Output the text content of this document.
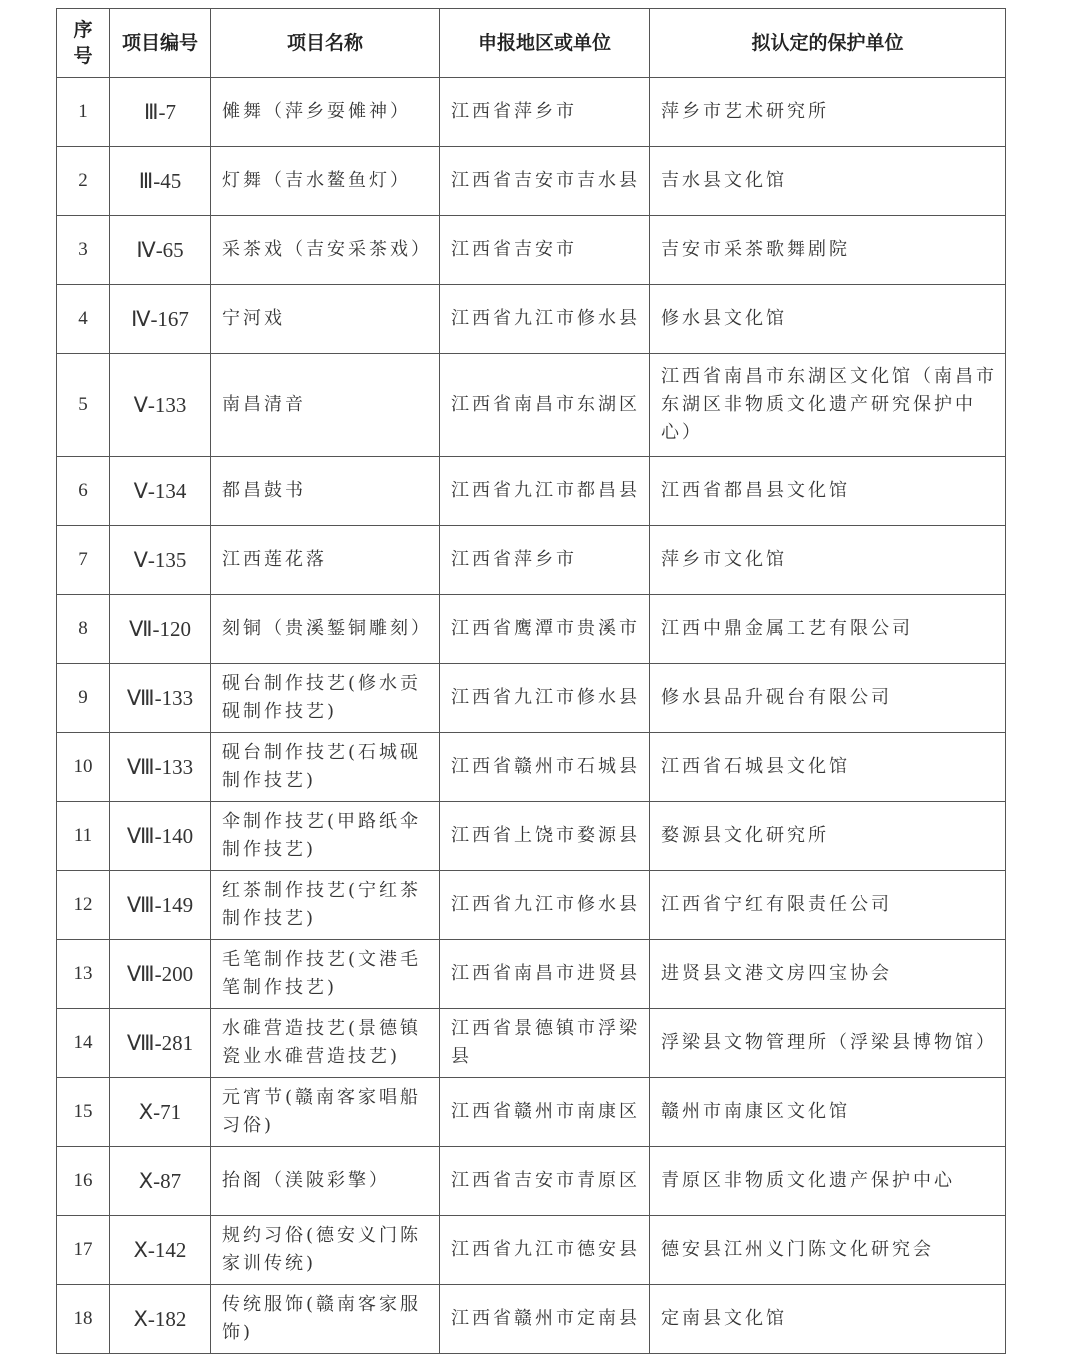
序号	项目编号	项目名称	申报地区或单位	拟认定的保护单位
1	Ⅲ-7	傩舞（萍乡耍傩神）	江西省萍乡市	萍乡市艺术研究所
2	Ⅲ-45	灯舞（吉水鳌鱼灯）	江西省吉安市吉水县	吉水县文化馆
3	Ⅳ-65	采茶戏（吉安采茶戏）	江西省吉安市	吉安市采茶歌舞剧院
4	Ⅳ-167	宁河戏	江西省九江市修水县	修水县文化馆
5	Ⅴ-133	南昌清音	江西省南昌市东湖区	江西省南昌市东湖区文化馆（南昌市东湖区非物质文化遗产研究保护中心）
6	Ⅴ-134	都昌鼓书	江西省九江市都昌县	江西省都昌县文化馆
7	Ⅴ-135	江西莲花落	江西省萍乡市	萍乡市文化馆
8	Ⅶ-120	刻铜（贵溪錾铜雕刻）	江西省鹰潭市贵溪市	江西中鼎金属工艺有限公司
9	Ⅷ-133	砚台制作技艺(修水贡砚制作技艺)	江西省九江市修水县	修水县品升砚台有限公司
10	Ⅷ-133	砚台制作技艺(石城砚制作技艺)	江西省赣州市石城县	江西省石城县文化馆
11	Ⅷ-140	伞制作技艺(甲路纸伞制作技艺)	江西省上饶市婺源县	婺源县文化研究所
12	Ⅷ-149	红茶制作技艺(宁红茶制作技艺)	江西省九江市修水县	江西省宁红有限责任公司
13	Ⅷ-200	毛笔制作技艺(文港毛笔制作技艺)	江西省南昌市进贤县	进贤县文港文房四宝协会
14	Ⅷ-281	水碓营造技艺(景德镇瓷业水碓营造技艺)	江西省景德镇市浮梁县	浮梁县文物管理所（浮梁县博物馆）
15	Ⅹ-71	元宵节(赣南客家唱船习俗)	江西省赣州市南康区	赣州市南康区文化馆
16	Ⅹ-87	抬阁（渼陂彩擎）	江西省吉安市青原区	青原区非物质文化遗产保护中心
17	Ⅹ-142	规约习俗(德安义门陈家训传统)	江西省九江市德安县	德安县江州义门陈文化研究会
18	Ⅹ-182	传统服饰(赣南客家服饰)	江西省赣州市定南县	定南县文化馆
